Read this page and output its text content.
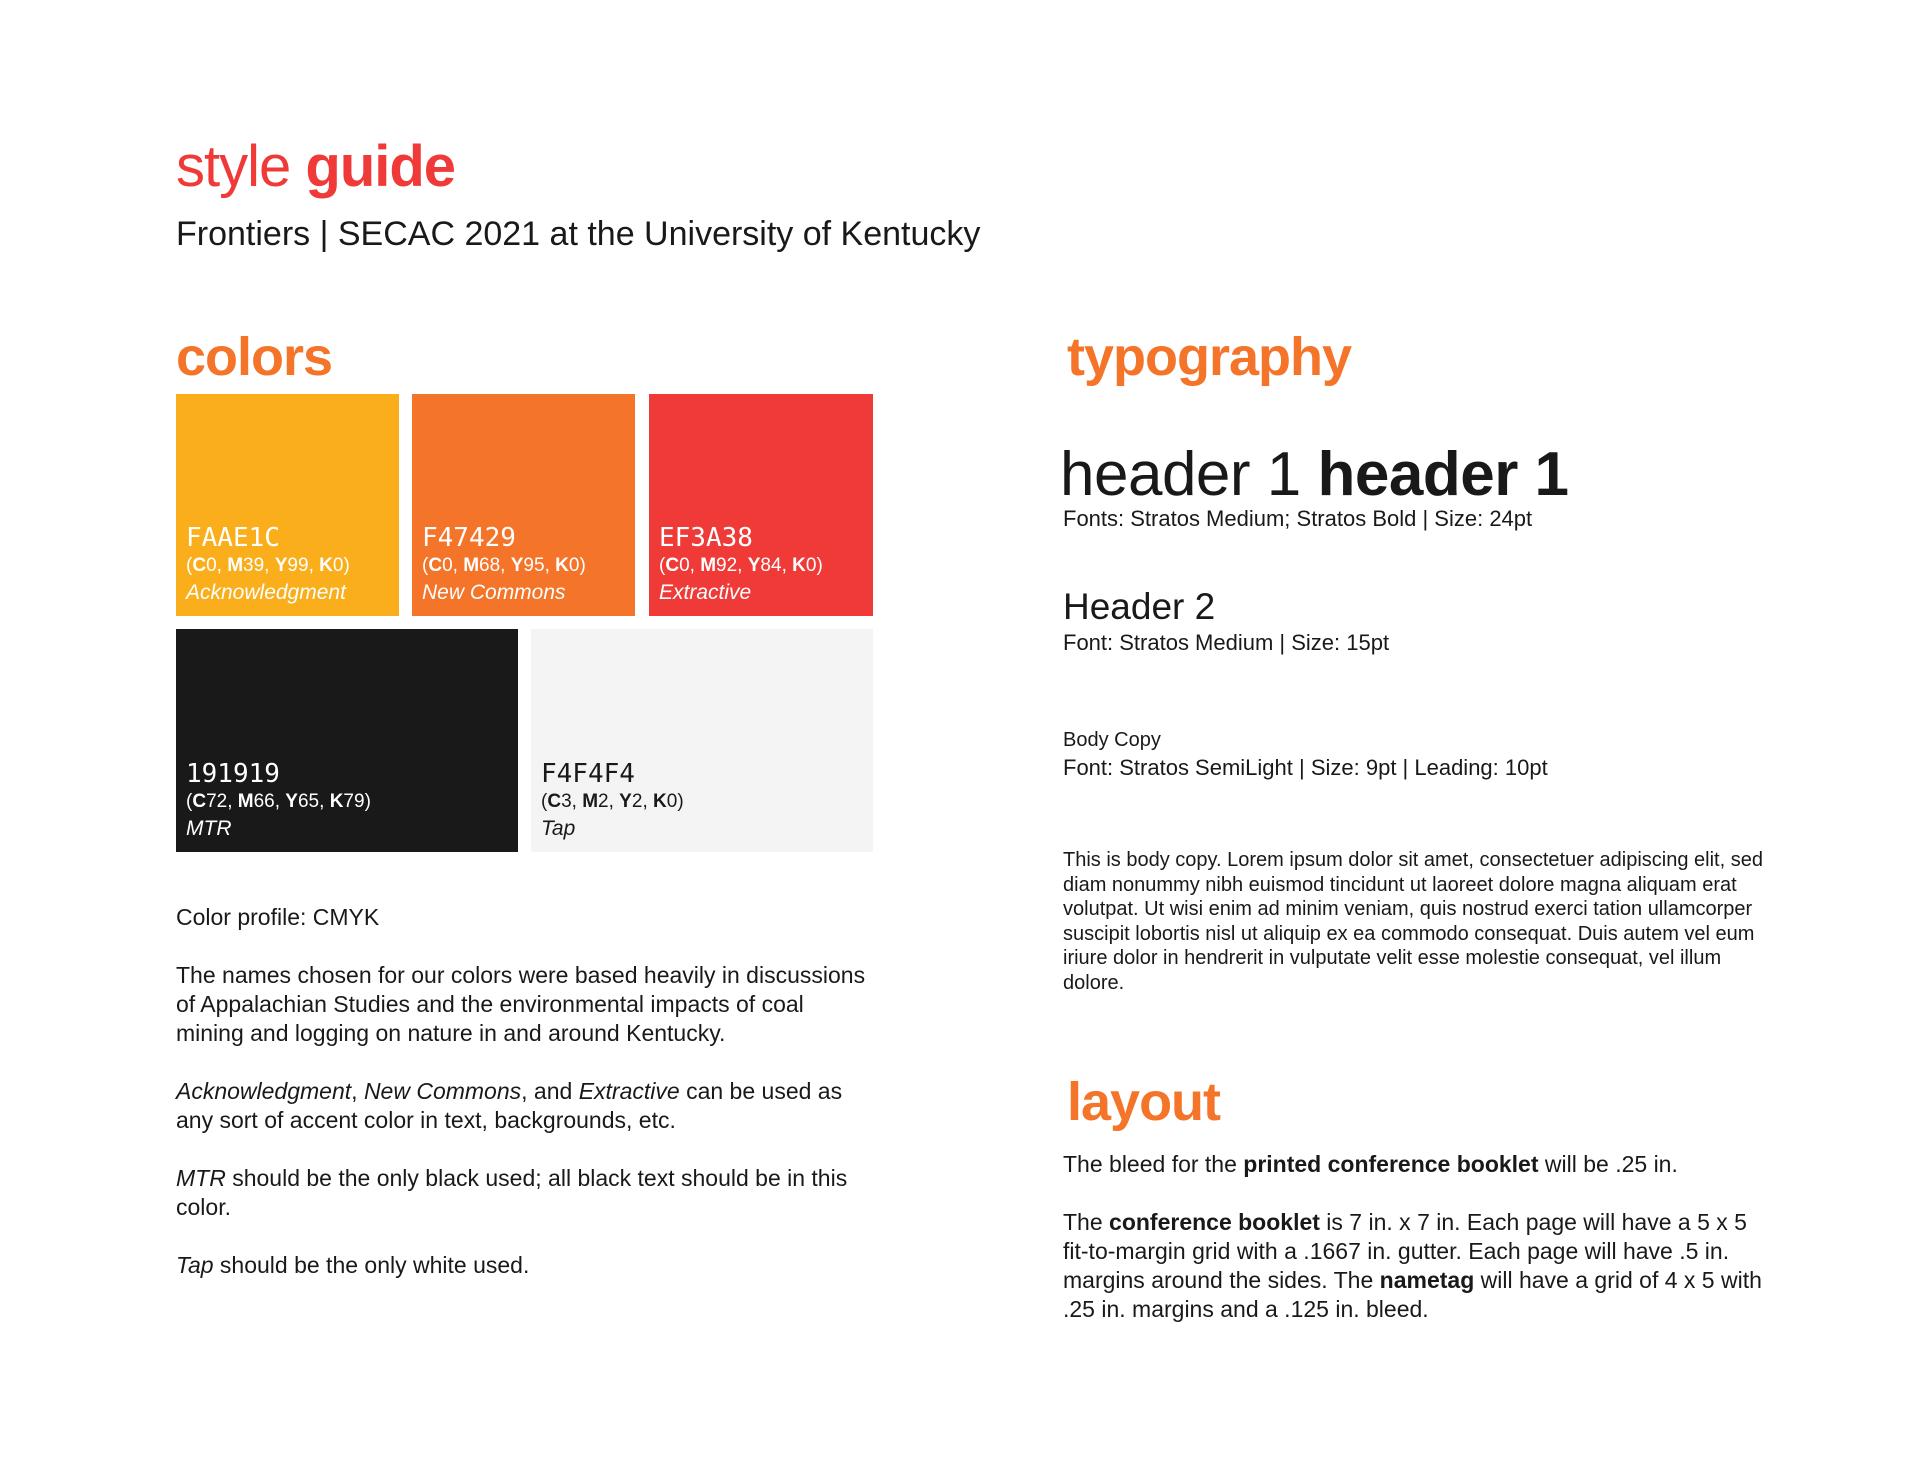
style guide
Frontiers | SECAC 2021 at the University of Kentucky
colors
FAAE1C
(C0, M39, Y99, K0)
Acknowledgment
F47429
(C0, M68, Y95, K0)
New Commons
EF3A38
(C0, M92, Y84, K0)
Extractive
191919
(C72, M66, Y65, K79)
MTR
F4F4F4
(C3, M2, Y2, K0)
Tap

Color profile: CMYK

The names chosen for our colors were based heavily in discussions of Appalachian Studies and the environmental impacts of coal mining and logging on nature in and around Kentucky.

Acknowledgment, New Commons, and Extractive can be used as any sort of accent color in text, backgrounds, etc.

MTR should be the only black used; all black text should be in this color.

Tap should be the only white used.

typography
header 1 header 1
Fonts: Stratos Medium; Stratos Bold | Size: 24pt
Header 2
Font: Stratos Medium | Size: 15pt
Body Copy
Font: Stratos SemiLight | Size: 9pt | Leading: 10pt
This is body copy. Lorem ipsum dolor sit amet, consectetuer adipiscing elit, sed diam nonummy nibh euismod tincidunt ut laoreet dolore magna aliquam erat volutpat. Ut wisi enim ad minim veniam, quis nostrud exerci tation ullamcorper suscipit lobortis nisl ut aliquip ex ea commodo consequat. Duis autem vel eum iriure dolor in hendrerit in vulputate velit esse molestie consequat, vel illum dolore.
layout

The bleed for the printed conference booklet will be .25 in.

The conference booklet is 7 in. x 7 in. Each page will have a 5 x 5 fit-to-margin grid with a .1667 in. gutter. Each page will have .5 in. margins around the sides. The nametag will have a grid of 4 x 5 with .25 in. margins and a .125 in. bleed.
